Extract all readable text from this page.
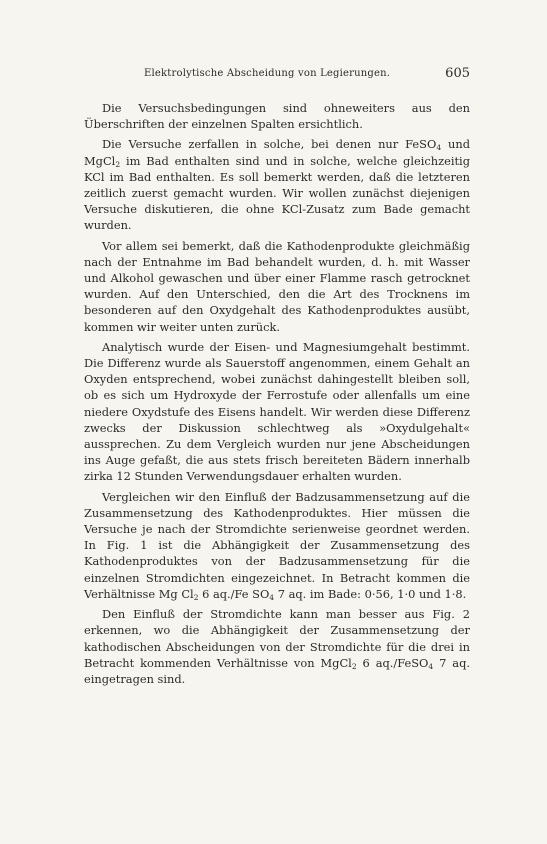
Elektrolytische Abscheidung von Legierungen.	605

Die Versuchsbedingungen sind ohneweiters aus den Überschriften der einzelnen Spalten ersichtlich.

Die Versuche zerfallen in solche, bei denen nur FeSO$_4$ und MgCl$_2$ im Bad enthalten sind und in solche, welche gleichzeitig KCl im Bad enthalten. Es soll bemerkt werden, daß die letzteren zeitlich zuerst gemacht wurden. Wir wollen zunächst diejenigen Versuche diskutieren, die ohne KCl-Zusatz zum Bade gemacht wurden.

Vor allem sei bemerkt, daß die Kathodenprodukte gleichmäßig nach der Entnahme im Bad behandelt wurden, d. h. mit Wasser und Alkohol gewaschen und über einer Flamme rasch getrocknet wurden. Auf den Unterschied, den die Art des Trocknens im besonderen auf den Oxydgehalt des Kathodenproduktes ausübt, kommen wir weiter unten zurück.

Analytisch wurde der Eisen- und Magnesiumgehalt bestimmt. Die Differenz wurde als Sauerstoff angenommen, einem Gehalt an Oxyden entsprechend, wobei zunächst dahingestellt bleiben soll, ob es sich um Hydroxyde der Ferrostufe oder allenfalls um eine niedere Oxydstufe des Eisens handelt. Wir werden diese Differenz zwecks der Diskussion schlechtweg als »Oxydulgehalt« aussprechen. Zu dem Vergleich wurden nur jene Abscheidungen ins Auge gefaßt, die aus stets frisch bereiteten Bädern innerhalb zirka 12 Stunden Verwendungsdauer erhalten wurden.

Vergleichen wir den Einfluß der Badzusammensetzung auf die Zusammensetzung des Kathodenproduktes. Hier müssen die Versuche je nach der Stromdichte serienweise geordnet werden. In Fig. 1 ist die Abhängigkeit der Zusammensetzung des Kathodenproduktes von der Badzusammensetzung für die einzelnen Stromdichten eingezeichnet. In Betracht kommen die Verhältnisse Mg $Cl_2$ 6 aq./Fe $SO_4$ 7 aq. im Bade: 0·56, 1·0 und 1·8.

Den Einfluß der Stromdichte kann man besser aus Fig. 2 erkennen, wo die Abhängigkeit der Zusammensetzung der kathodischen Abscheidungen von der Stromdichte für die drei in Betracht kommenden Verhältnisse von MgCl$_2$ 6 aq./FeSO$_4$ 7 aq. eingetragen sind.
